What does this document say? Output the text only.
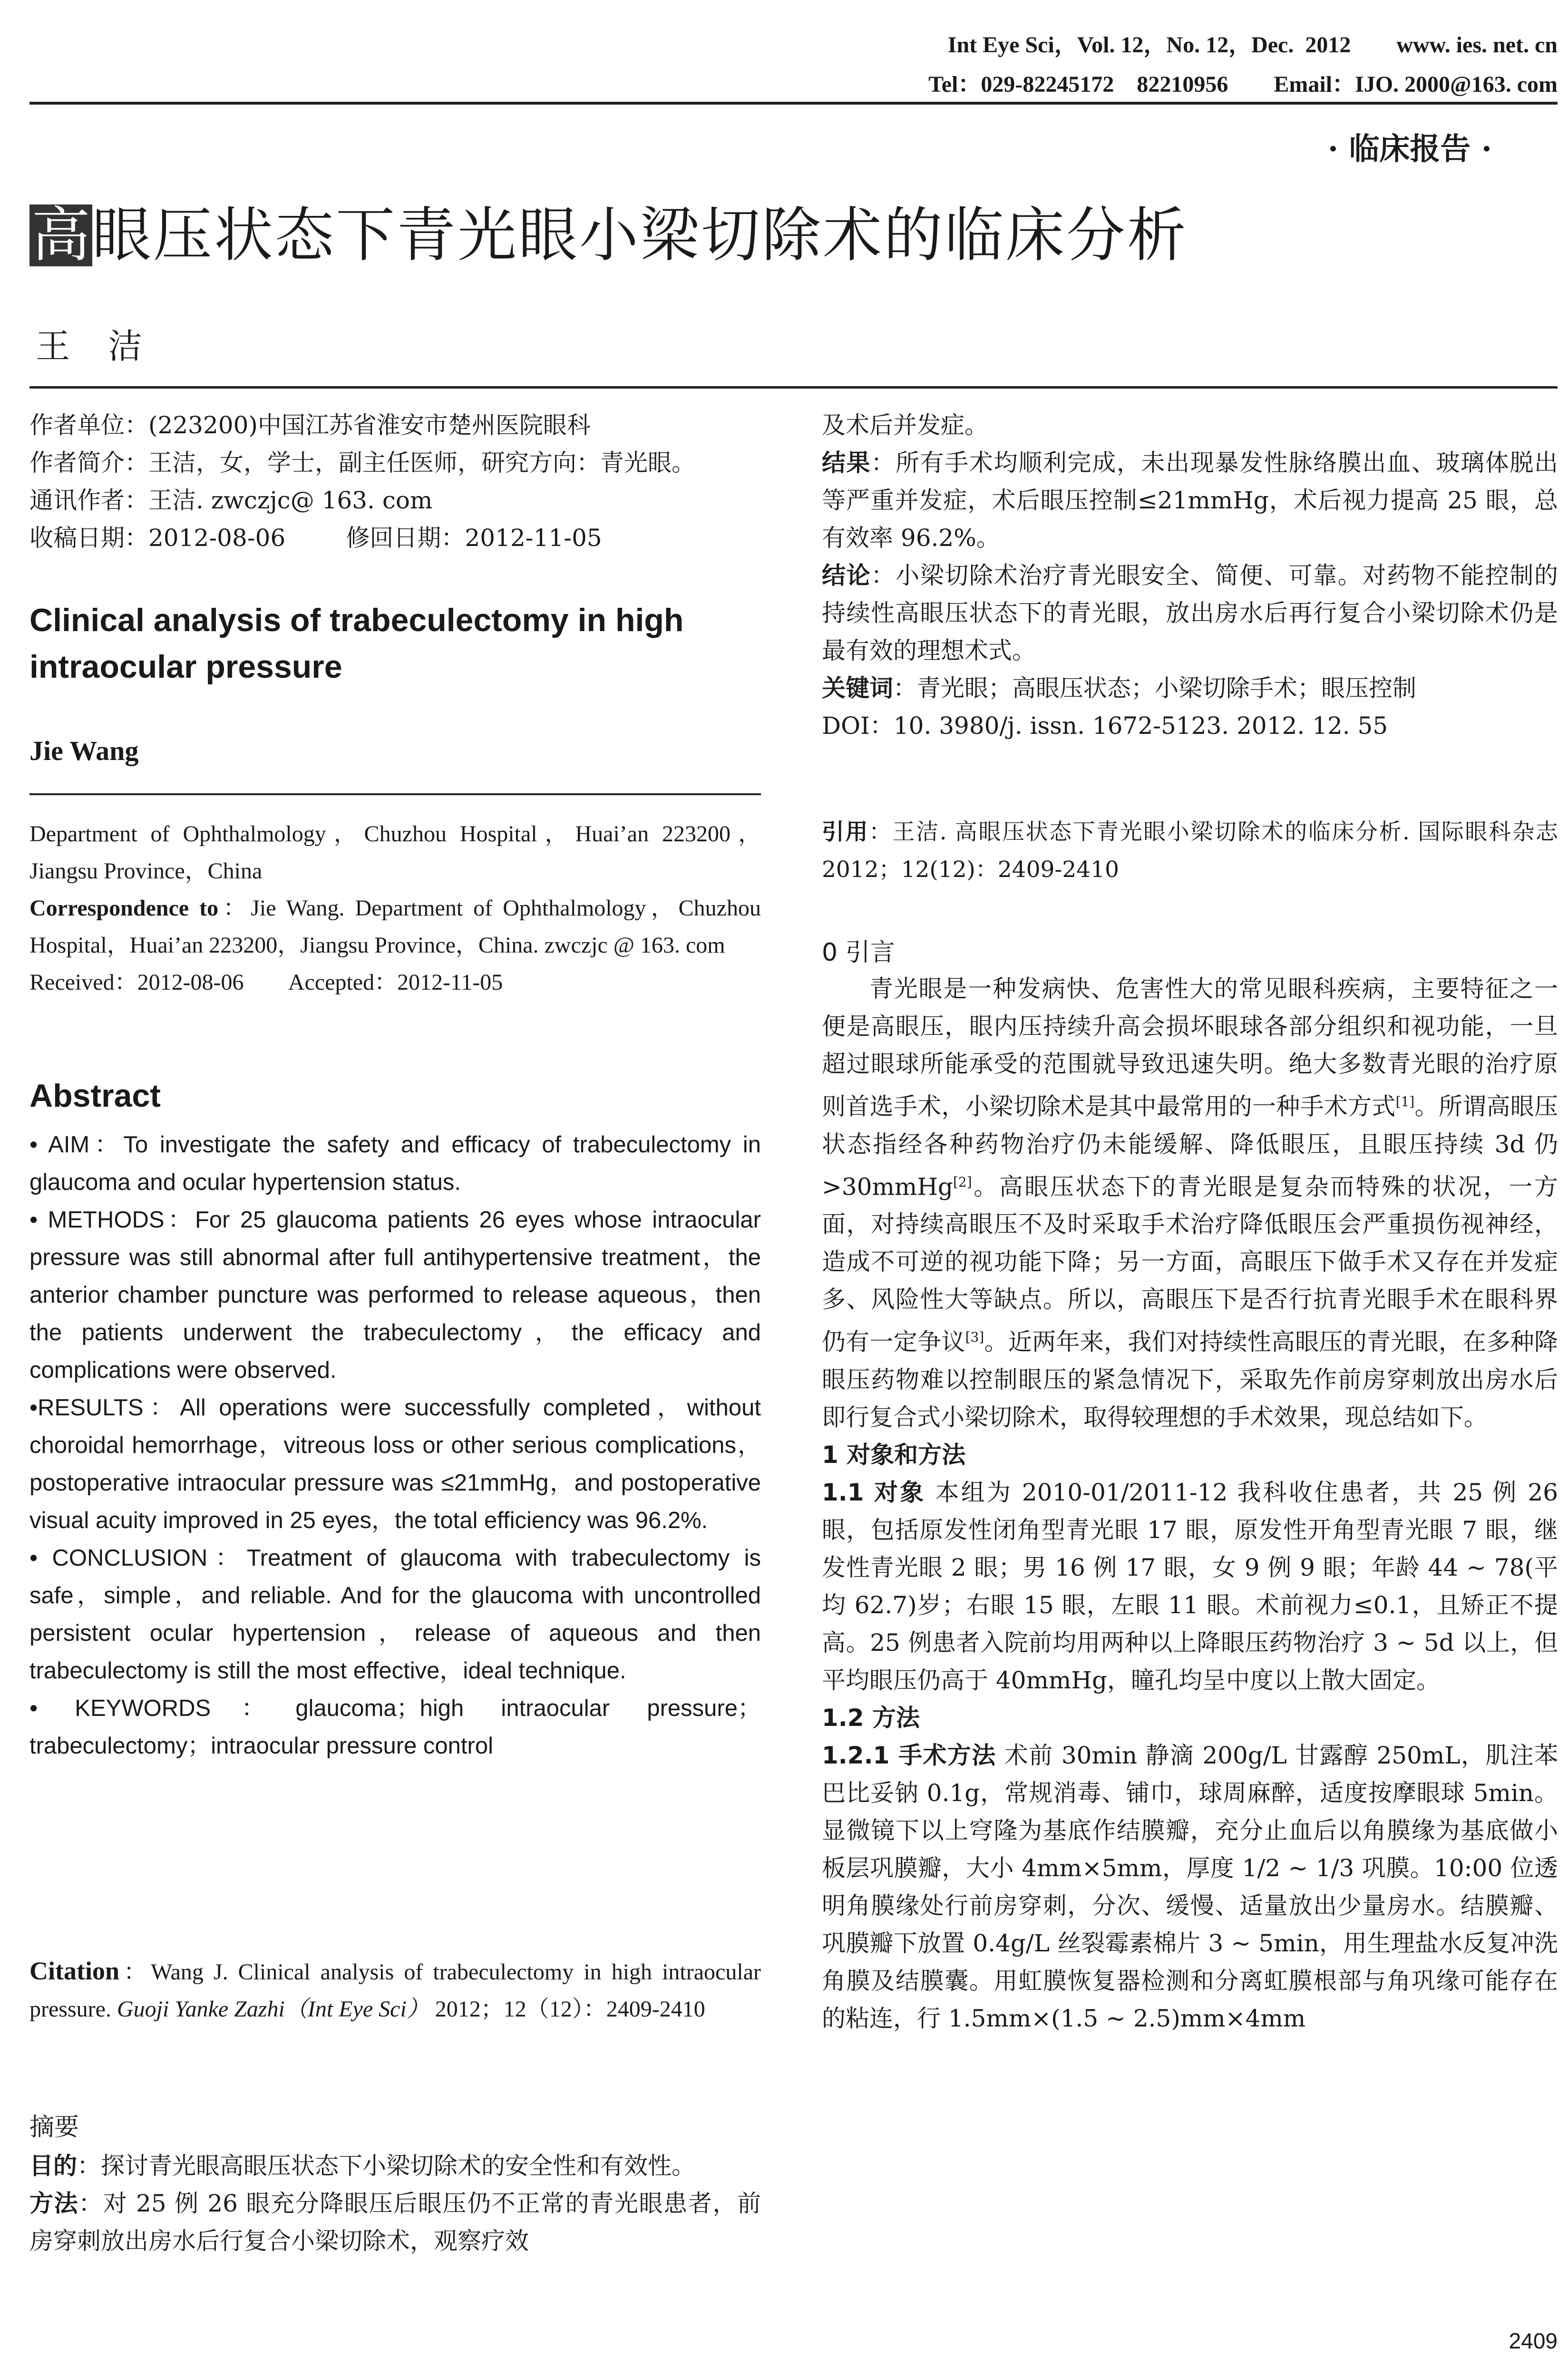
Int Eye Sci，Vol. 12，No. 12，Dec.  2012        www. ies. net. cn
Tel：029-82245172    82210956        Email：IJO. 2000@163. com
· 临床报告 ·
高 眼压状态下青光眼小梁切除术的临床分析
王洁

作者单位：(223200)中国江苏省淮安市楚州医院眼科

作者简介：王洁，女，学士，副主任医师，研究方向：青光眼。

通讯作者：王洁. zwczjc@ 163. com

收稿日期：2012-08-06        修回日期：2012-11-05

Clinical analysis of trabeculectomy in high intraocular pressure
Jie Wang

Department of Ophthalmology，Chuzhou Hospital，Huai’an 223200，Jiangsu Province，China

Correspondence to：Jie Wang. Department of Ophthalmology，Chuzhou Hospital，Huai’an 223200，Jiangsu Province，China. zwczjc @ 163. com

Received：2012-08-06        Accepted：2012-11-05

Abstract

• AIM：To investigate the safety and efficacy of trabeculectomy in glaucoma and ocular hypertension status.

• METHODS：For 25 glaucoma patients 26 eyes whose intraocular pressure was still abnormal after full antihypertensive treatment，the anterior chamber puncture was performed to release aqueous，then the patients underwent the trabeculectomy，the efficacy and complications were observed.

•RESULTS：All operations were successfully completed，without choroidal hemorrhage，vitreous loss or other serious complications，postoperative intraocular pressure was ≤21mmHg，and postoperative visual acuity improved in 25 eyes，the total efficiency was 96.2%.

• CONCLUSION：Treatment of glaucoma with trabeculectomy is safe，simple，and reliable. And for the glaucoma with uncontrolled persistent ocular hypertension，release of aqueous and then trabeculectomy is still the most effective，ideal technique.

• KEYWORDS：glaucoma；high intraocular pressure；trabeculectomy；intraocular pressure control

Citation：Wang J. Clinical analysis of trabeculectomy in high intraocular pressure. Guoji Yanke Zazhi（Int Eye Sci） 2012；12（12）：2409-2410

摘要

目的：探讨青光眼高眼压状态下小梁切除术的安全性和有效性。

方法：对 25 例 26 眼充分降眼压后眼压仍不正常的青光眼患者，前房穿刺放出房水后行复合小梁切除术，观察疗效

及术后并发症。

结果：所有手术均顺利完成，未出现暴发性脉络膜出血、玻璃体脱出等严重并发症，术后眼压控制≤21mmHg，术后视力提高 25 眼，总有效率 96.2%。

结论：小梁切除术治疗青光眼安全、简便、可靠。对药物不能控制的持续性高眼压状态下的青光眼，放出房水后再行复合小梁切除术仍是最有效的理想术式。

关键词：青光眼；高眼压状态；小梁切除手术；眼压控制

DOI：10. 3980/j. issn. 1672-5123. 2012. 12. 55

引用：王洁. 高眼压状态下青光眼小梁切除术的临床分析. 国际眼科杂志 2012；12(12)：2409-2410

0 引言

青光眼是一种发病快、危害性大的常见眼科疾病，主要特征之一便是高眼压，眼内压持续升高会损坏眼球各部分组织和视功能，一旦超过眼球所能承受的范围就导致迅速失明。绝大多数青光眼的治疗原则首选手术，小梁切除术是其中最常用的一种手术方式[1]。所谓高眼压状态指经各种药物治疗仍未能缓解、降低眼压，且眼压持续 3d 仍 >30mmHg[2]。高眼压状态下的青光眼是复杂而特殊的状况，一方面，对持续高眼压不及时采取手术治疗降低眼压会严重损伤视神经，造成不可逆的视功能下降；另一方面，高眼压下做手术又存在并发症多、风险性大等缺点。所以，高眼压下是否行抗青光眼手术在眼科界仍有一定争议[3]。近两年来，我们对持续性高眼压的青光眼，在多种降眼压药物难以控制眼压的紧急情况下，采取先作前房穿刺放出房水后即行复合式小梁切除术，取得较理想的手术效果，现总结如下。

1 对象和方法

1.1 对象 本组为 2010-01/2011-12 我科收住患者，共 25 例 26 眼，包括原发性闭角型青光眼 17 眼，原发性开角型青光眼 7 眼，继发性青光眼 2 眼；男 16 例 17 眼，女 9 例 9 眼；年龄 44 ~ 78(平均 62.7)岁；右眼 15 眼，左眼 11 眼。术前视力≤0.1，且矫正不提高。25 例患者入院前均用两种以上降眼压药物治疗 3 ~ 5d 以上，但平均眼压仍高于 40mmHg，瞳孔均呈中度以上散大固定。

1.2 方法

1.2.1 手术方法 术前 30min 静滴 200g/L 甘露醇 250mL，肌注苯巴比妥钠 0.1g，常规消毒、铺巾，球周麻醉，适度按摩眼球 5min。显微镜下以上穹隆为基底作结膜瓣，充分止血后以角膜缘为基底做小板层巩膜瓣，大小 4mm×5mm，厚度 1/2 ~ 1/3 巩膜。10:00 位透明角膜缘处行前房穿刺，分次、缓慢、适量放出少量房水。结膜瓣、巩膜瓣下放置 0.4g/L 丝裂霉素棉片 3 ~ 5min，用生理盐水反复冲洗角膜及结膜囊。用虹膜恢复器检测和分离虹膜根部与角巩缘可能存在的粘连，行 1.5mm×(1.5 ~ 2.5)mm×4mm

2409
